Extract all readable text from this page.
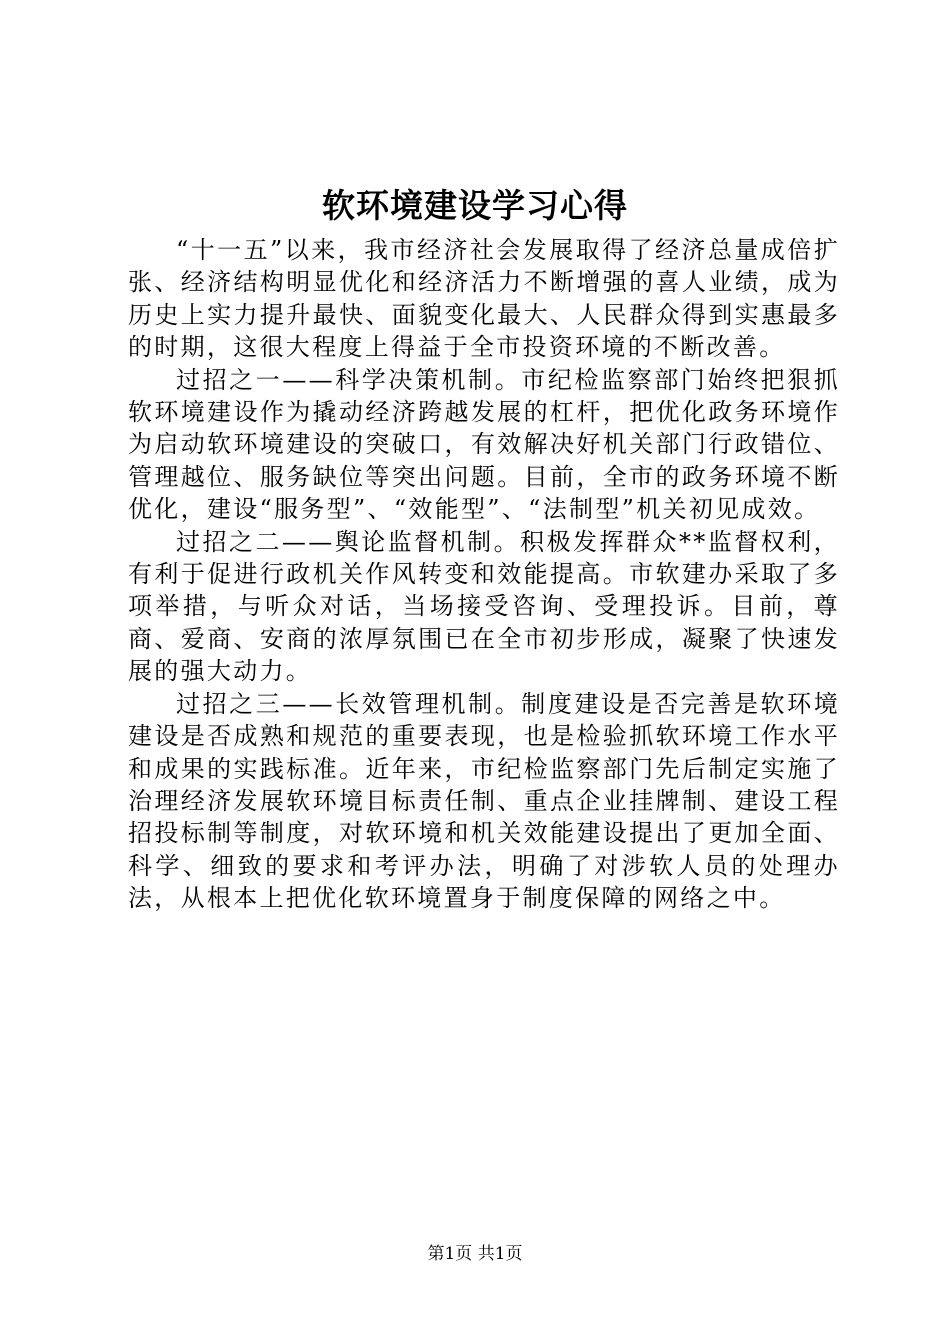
软环境建设学习心得

“十一五”以来，我市经济社会发展取得了经济总量成倍扩张、经济结构明显优化和经济活力不断增强的喜人业绩，成为历史上实力提升最快、面貌变化最大、人民群众得到实惠最多的时期，这很大程度上得益于全市投资环境的不断改善。

过招之一——科学决策机制。市纪检监察部门始终把狠抓软环境建设作为撬动经济跨越发展的杠杆，把优化政务环境作为启动软环境建设的突破口，有效解决好机关部门行政错位、管理越位、服务缺位等突出问题。目前，全市的政务环境不断优化，建设“服务型”、“效能型”、“法制型”机关初见成效。

过招之二——舆论监督机制。积极发挥群众**监督权利，有利于促进行政机关作风转变和效能提高。市软建办采取了多项举措，与听众对话，当场接受咨询、受理投诉。目前，尊商、爱商、安商的浓厚氛围已在全市初步形成，凝聚了快速发展的强大动力。

过招之三——长效管理机制。制度建设是否完善是软环境建设是否成熟和规范的重要表现，也是检验抓软环境工作水平和成果的实践标准。近年来，市纪检监察部门先后制定实施了治理经济发展软环境目标责任制、重点企业挂牌制、建设工程招投标制等制度，对软环境和机关效能建设提出了更加全面、科学、细致的要求和考评办法，明确了对涉软人员的处理办法，从根本上把优化软环境置身于制度保障的网络之中。

第1页 共1页
